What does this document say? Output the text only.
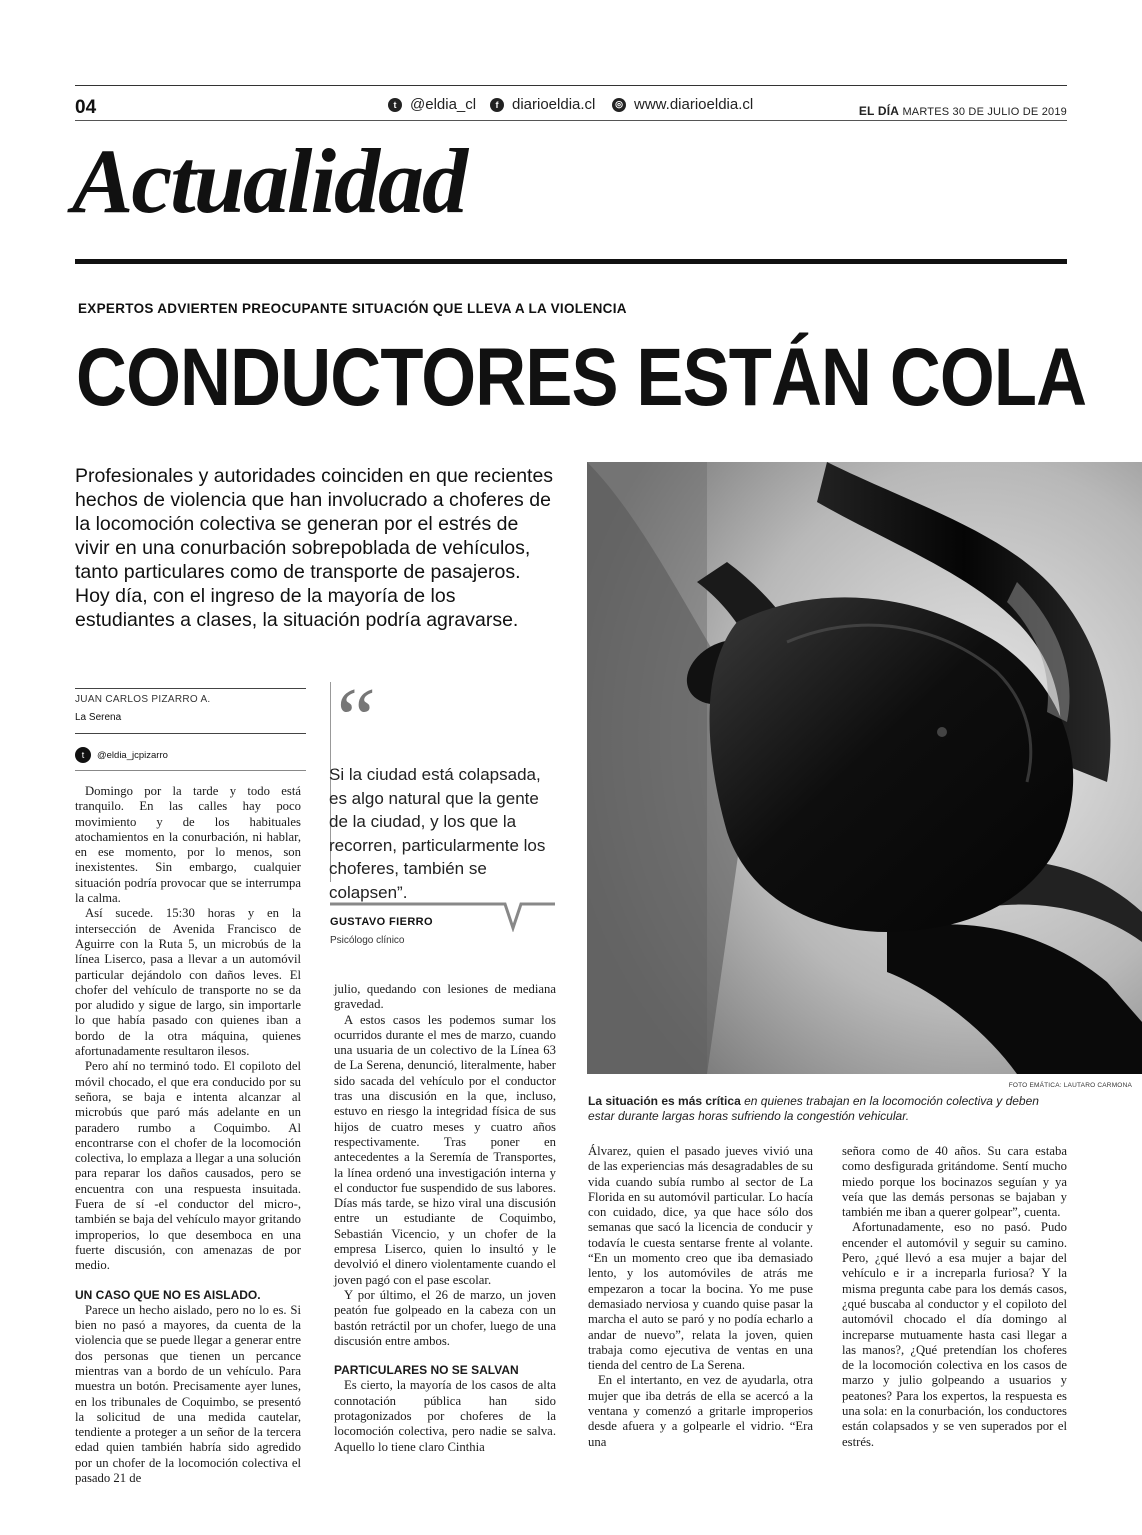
04	t @eldia_cl	f diarioeldia.cl	◎ www.diarioeldia.cl	EL DÍA MARTES 30 DE JULIO DE 2019
Actualidad
EXPERTOS ADVIERTEN PREOCUPANTE SITUACIÓN QUE LLEVA A LA VIOLENCIA
CONDUCTORES ESTÁN COLA
Profesionales y autoridades coinciden en que recientes hechos de violencia que han involucrado a choferes de la locomoción colectiva se generan por el estrés de vivir en una conurbación sobrepoblada de vehículos, tanto particulares como de transporte de pasajeros. Hoy día, con el ingreso de la mayoría de los estudiantes a clases, la situación podría agravarse.
FOTO EMÁTICA: LAUTARO CARMONA
La situación es más crítica en quienes trabajan en la locomoción colectiva y deben estar durante largas horas sufriendo la congestión vehicular.
JUAN CARLOS PIZARRO A.
La Serena
t	@eldia_jcpizarro

Domingo por la tarde y todo está tranquilo. En las calles hay poco movimiento y de los habituales atochamientos en la conurbación, ni hablar, en ese momento, por lo menos, son inexistentes. Sin embargo, cualquier situación podría provocar que se interrumpa la calma.

Así sucede. 15:30 horas y en la intersección de Avenida Francisco de Aguirre con la Ruta 5, un microbús de la línea Liserco, pasa a llevar a un automóvil particular dejándolo con daños leves. El chofer del vehículo de transporte no se da por aludido y sigue de largo, sin importarle lo que había pasado con quienes iban a bordo de la otra máquina, quienes afortunadamente resultaron ilesos.

Pero ahí no terminó todo. El copiloto del móvil chocado, el que era conducido por su señora, se baja e intenta alcanzar al microbús que paró más adelante en un paradero rumbo a Coquimbo. Al encontrarse con el chofer de la locomoción colectiva, lo emplaza a llegar a una solución para reparar los daños causados, pero se encuentra con una respuesta insuitada. Fuera de sí -el conductor del micro-, también se baja del vehículo mayor gritando improperios, lo que desemboca en una fuerte discusión, con amenazas de por medio.

UN CASO QUE NO ES AISLADO.

Parece un hecho aislado, pero no lo es. Si bien no pasó a mayores, da cuenta de la violencia que se puede llegar a generar entre dos personas que tienen un percance mientras van a bordo de un vehículo. Para muestra un botón. Precisamente ayer lunes, en los tribunales de Coquimbo, se presentó la solicitud de una medida cautelar, tendiente a proteger a un señor de la tercera edad quien también habría sido agredido por un chofer de la locomoción colectiva el pasado 21 de

“
Si la ciudad está colapsada, es algo natural que la gente de la ciudad, y los que la recorren, particularmente los choferes, también se colapsen”.
GUSTAVO FIERRO
Psicólogo clínico

julio, quedando con lesiones de mediana gravedad.

A estos casos les podemos sumar los ocurridos durante el mes de marzo, cuando una usuaria de un colectivo de la Línea 63 de La Serena, denunció, literalmente, haber sido sacada del vehículo por el conductor tras una discusión en la que, incluso, estuvo en riesgo la integridad física de sus hijos de cuatro meses y cuatro años respectivamente. Tras poner en antecedentes a la Seremía de Transportes, la línea ordenó una investigación interna y el conductor fue suspendido de sus labores. Días más tarde, se hizo viral una discusión entre un estudiante de Coquimbo, Sebastián Vicencio, y un chofer de la empresa Liserco, quien lo insultó y le devolvió el dinero violentamente cuando el joven pagó con el pase escolar.

Y por último, el 26 de marzo, un joven peatón fue golpeado en la cabeza con un bastón retráctil por un chofer, luego de una discusión entre ambos.

PARTICULARES NO SE SALVAN

Es cierto, la mayoría de los casos de alta connotación pública han sido protagonizados por choferes de la locomoción colectiva, pero nadie se salva. Aquello lo tiene claro Cinthia

Álvarez, quien el pasado jueves vivió una de las experiencias más desagradables de su vida cuando subía rumbo al sector de La Florida en su automóvil particular. Lo hacía con cuidado, dice, ya que hace sólo dos semanas que sacó la licencia de conducir y todavía le cuesta sentarse frente al volante. “En un momento creo que iba demasiado lento, y los automóviles de atrás me empezaron a tocar la bocina. Yo me puse demasiado nerviosa y cuando quise pasar la marcha el auto se paró y no podía echarlo a andar de nuevo”, relata la joven, quien trabaja como ejecutiva de ventas en una tienda del centro de La Serena.

En el intertanto, en vez de ayudarla, otra mujer que iba detrás de ella se acercó a la ventana y comenzó a gritarle improperios desde afuera y a golpearle el vidrio. “Era una

señora como de 40 años. Su cara estaba como desfigurada gritándome. Sentí mucho miedo porque los bocinazos seguían y ya veía que las demás personas se bajaban y también me iban a querer golpear”, cuenta.

Afortunadamente, eso no pasó. Pudo encender el automóvil y seguir su camino. Pero, ¿qué llevó a esa mujer a bajar del vehículo e ir a increparla furiosa? Y la misma pregunta cabe para los demás casos, ¿qué buscaba al conductor y el copiloto del automóvil chocado el día domingo al increparse mutuamente hasta casi llegar a las manos?, ¿Qué pretendían los choferes de la locomoción colectiva en los casos de marzo y julio golpeando a usuarios y peatones? Para los expertos, la respuesta es una sola: en la conurbación, los conductores están colapsados y se ven superados por el estrés.
